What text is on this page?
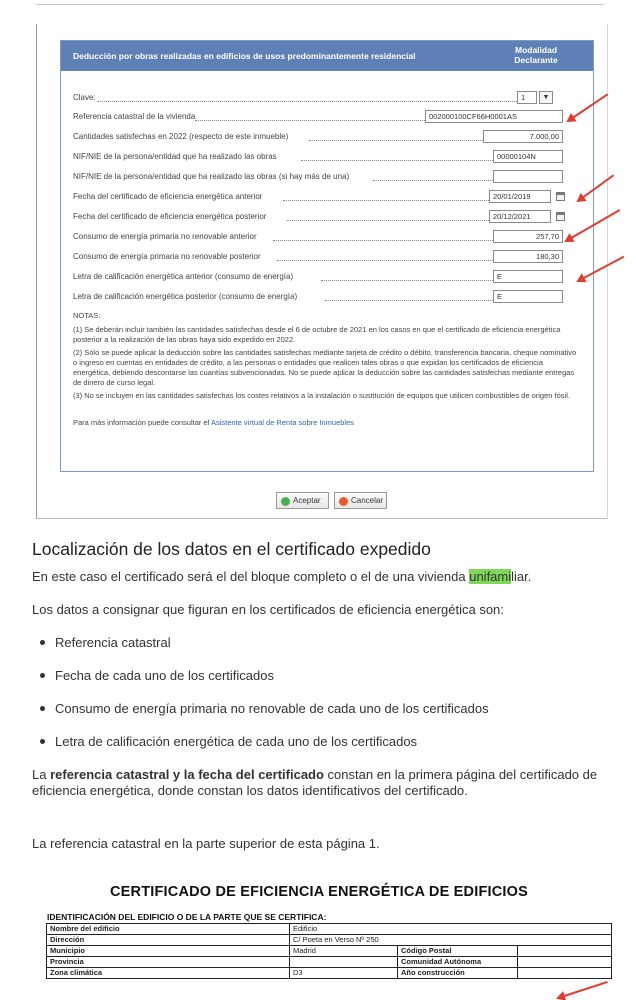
Deducción por obras realizadas en edificios de usos predominantemente residencial
Modalidad
Declarante
Clave:	1	▼
Referencia catastral de la vivienda	002000100CF66H0001AS
Cantidades satisfechas en 2022 (respecto de este inmueble)	7.000,00
NIF/NIE de la persona/entidad que ha realizado las obras	00000104N
NIF/NIE de la persona/entidad que ha realizado las obras (si hay más de una)
Fecha del certificado de eficiencia energética anterior	20/01/2019
Fecha del certificado de eficiencia energética posterior	20/12/2021
Consumo de energía primaria no renovable anterior	257,70
Consumo de energía primaria no renovable posterior	180,30
Letra de calificación energética anterior (consumo de energía)	E
Letra de calificación energética posterior (consumo de energía)	E
NOTAS:
(1) Se deberán incluir también las cantidades satisfechas desde el 6 de octubre de 2021 en los casos en que el certificado de eficiencia energética posterior a la realización de las obras haya sido expedido en 2022.
(2) Sólo se puede aplicar la deducción sobre las cantidades satisfechas mediante tarjeta de crédito o débito, transferencia bancaria, cheque nominativo o ingreso en cuentas en entidades de crédito, a las personas o entidades que realicen tales obras o que expidan los certificados de eficiencia energética, debiendo descontarse las cuantías subvencionadas. No se puede aplicar la deducción sobre las cantidades satisfechas mediante entregas de dinero de curso legal.
(3) No se incluyen en las cantidades satisfechas los costes relativos a la instalación o sustitución de equipos que utilicen combustibles de origen fósil.
Para más información puede consultar el Asistente virtual de Renta sobre Inmuebles
Aceptar	Cancelar
Localización de los datos en el certificado expedido
En este caso el certificado será el del bloque completo o el de una vivienda unifamiliar.
Los datos a consignar que figuran en los certificados de eficiencia energética son:
Referencia catastral
Fecha de cada uno de los certificados
Consumo de energía primaria no renovable de cada uno de los certificados
Letra de calificación energética de cada uno de los certificados
La referencia catastral y la fecha del certificado constan en la primera página del certificado de eficiencia energética, donde constan los datos identificativos del certificado.
La referencia catastral en la parte superior de esta página 1.
CERTIFICADO DE EFICIENCIA ENERGÉTICA DE EDIFICIOS
IDENTIFICACIÓN DEL EDIFICIO O DE LA PARTE QUE SE CERTIFICA:
Nombre del edificio	Edificio		
Dirección	C/ Poeta en Verso Nº 250		
Municipio	Madrid	Código Postal	
Provincia		Comunidad Autónoma	
Zona climática	D3	Año construcción	
